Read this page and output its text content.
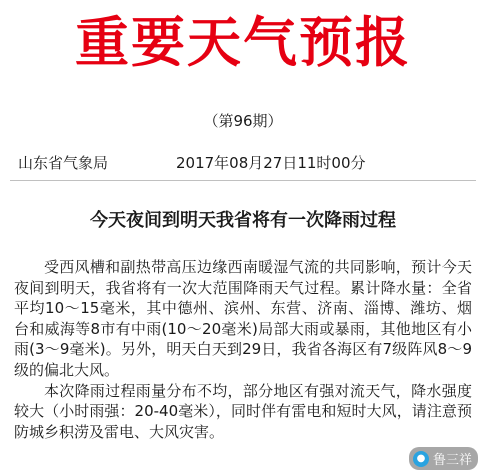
重要天气预报
（第96期）
山东省气象局	2017年08月27日11时00分
今天夜间到明天我省将有一次降雨过程

受西风槽和副热带高压边缘西南暖湿气流的共同影响，预计今天夜间到明天，我省将有一次大范围降雨天气过程。累计降水量：全省平均10～15毫米，其中德州、滨州、东营、济南、淄博、潍坊、烟台和威海等8市有中雨(10～20毫米)局部大雨或暴雨，其他地区有小雨(3～9毫米)。另外，明天白天到29日，我省各海区有7级阵风8～9级的偏北大风。

本次降雨过程雨量分布不均，部分地区有强对流天气，降水强度较大（小时雨强：20-40毫米），同时伴有雷电和短时大风，请注意预防城乡积涝及雷电、大风灾害。

● 鲁三祥
